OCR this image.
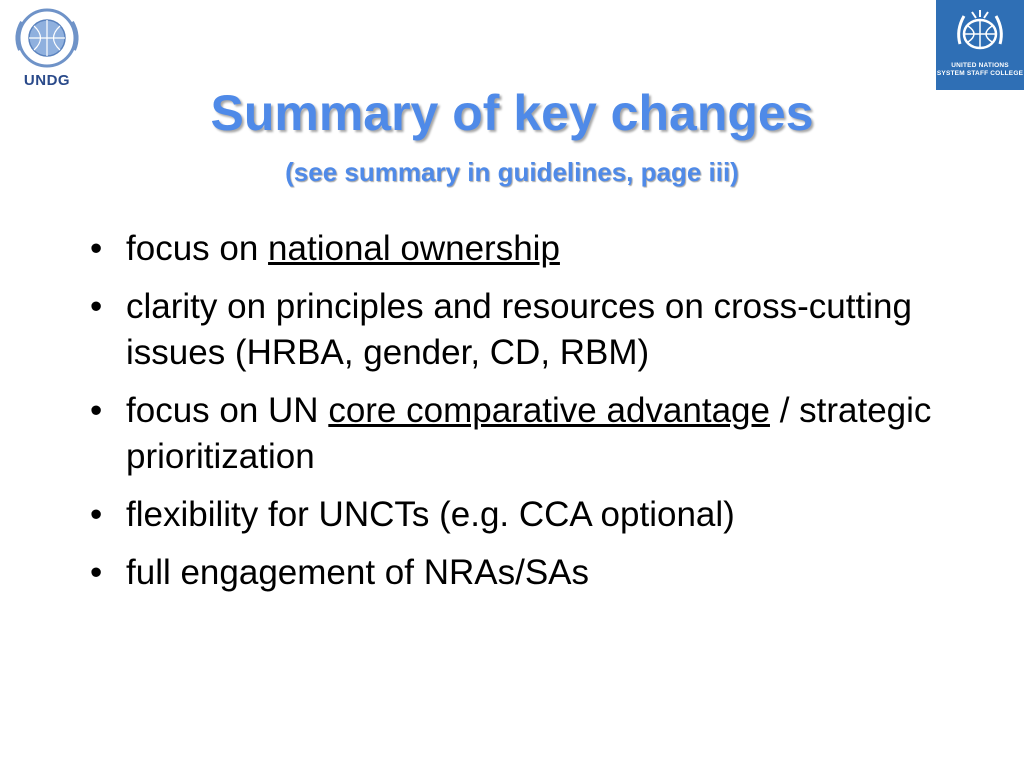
UNDG
UNITED NATIONS
SYSTEM STAFF COLLEGE
Summary of key changes
(see summary in guidelines, page iii)
• focus on national ownership
• clarity on principles and resources on cross-cutting issues (HRBA, gender, CD, RBM)
• focus on UN core comparative advantage / strategic prioritization
• flexibility for UNCTs (e.g. CCA optional)
• full engagement of NRAs/SAs
